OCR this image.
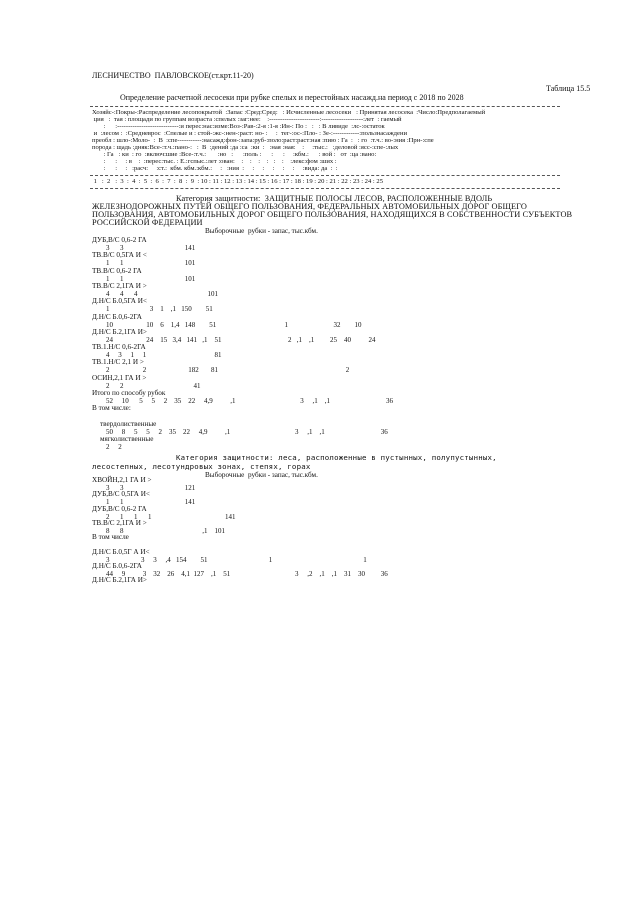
ЛЕСНИЧЕСТВО  ПАВЛОВСКОЕ(ст.крт.11-20)
Таблица 15.5
Определение расчетной лесосеки при рубке спелых и перестойных насажд.на период с 2018 по 2028
Хозяйс-:Покры-:Распределение лесопокрытой  :Запас :Сред:Сред:   : Исчисленные лесосеки   : Принятая лесосека  :Число:Предполагаемый
ция   :  тая : площади по группам возраста :спелых :заг:нее:    :-----------------------:-------------------:лет  : гаемый
:      :----------------------------:и перес:нас:изме:Воз-:Рав-:2-я :1-я :Ин-: По :   :   : В ливиде  :лс-:остаток
и  :лесом :  :Средневрос  :Спелые и : стой-:жс-:нен-:раст: но- :     :  тег-:ос-:Пло- : Зе-:------------:пользнасаждени
преобл : шло-:Моло-  :  В  :спе-----------:насажд:фон-:запа:руб-:поло:раст:раст:ная :пию : Га  :   : го  :т.ч.: во-:ния :Прн-:спе
порода : щадь :дняк:Все-:т.ч.:пано-:   :  В  :дений :да :са  :ки  :   :ная :ная:    :     :тыс.:   :деловой :ясс-:спе-:лых
: Га   : ки  : го  :включ:шие :Все-:т.ч.:       :но   :      :поль :      :      :     :кбм.:      : вой :   от  :ца :вано:
:      :     : в    :  :перес:тыс. : Е.:гспыс.:лет :ован:    :    :    :    :   :    :    :лекс:фом :ших :
:      :     :   :расч:     :ст.:  кбм. кбм.:кбм.:     :   :ния  :     :     :     :     :     :     :вида: да  :  :
1   :  2   :  3  :  4  :  5  :  6  :  7  :  8  :  9  : 10 : 11 : 12 : 13 : 14 : 15 : 16 : 17 : 18 : 19 : 20 : 21 : 22 : 23 : 24 : 25
Категория защитности:  ЗАЩИТНЫЕ ПОЛОСЫ ЛЕСОВ, РАСПОЛОЖЕННЫЕ ВДОЛЬ
ЖЕЛЕЗНОДОРОЖНЫХ ПУТЕЙ ОБЩЕГО ПОЛЬЗОВАНИЯ, ФЕДЕРАЛЬНЫХ АВТОМОБИЛЬНЫХ ДОРОГ ОБЩЕГО
ПОЛЬЗОВАНИЯ, АВТОМОБИЛЬНЫХ ДОРОГ ОБЩЕГО ПОЛЬЗОВАНИЯ, НАХОДЯЩИХСЯ В СОБСТВЕННОСТИ СУБЪЕКТОВ
РОССИЙСКОЙ ФЕДЕРАЦИИ
Выборочные  рубки - запас, тыс.кбм.
ДУБ,В/С 0,6-2 ГА
3      3                                   141
ТВ.В/С 0,5ГА И <
1      1                                   101
ТВ.В/С 0,6-2 ГА
1      1                                   101
ТВ.В/С 2,1ГА И >
4      4      4                                        101
Д.Н/С Б.0,5ГА И<
1                       3    1    ,1   150        51
Д.Н/С Б.0,6-2ГА
10                   10    6    1,4   148        51                                       1                          32        10
Д.Н/С Б.2,1ГА И>
24                   24    15   3,4   141   ,1    51                                      2   ,1    ,1         25    40          24
ТВ.1.Н/С 0,6-2ГА
4     3     1     1                                       81
ТВ.1.Н/С 2,1 И >
2                   2                        182       81                                                                         2
ОСИН,2,1 ГА И >
2      2                                        41
Итого по способу рубок
52     10      5     5     2    35    22     4,9          ,1                                     3     ,1    ,1                                36
В том числе:
твердолиственные
50     8     5     5     2    35    22     4,9          ,1                                     3     ,1    ,1                                36
мягколиственные
2     2
Категория защитности: леса, расположенные в пустынных, полупустынных,
лесостепных, лесотундровых зонах, степях, горах
Выборочные  рубки - запас, тыс.кбм.
ХВОЙН,2,1 ГА И >
3      3                                   121
ДУБ,В/С 0,5ГА И<
1      1                                   141
ДУБ,В/С 0,6-2 ГА
2      1      1      1                                          141
ТВ.В/С 2,1ГА И >
8      8                                             ,1    101
В том числе
Д.Н/С Б.0,5Г А И<
3                  3     3     ,4   154        51                                   1                                                    1
Д.Н/С Б.0,6-2ГА
44     9          3    32    26    4,1  127    ,1    51                                     3     ,2    ,1    ,1    31    30         36
Д.Н/С Б.2,1ГА И>
